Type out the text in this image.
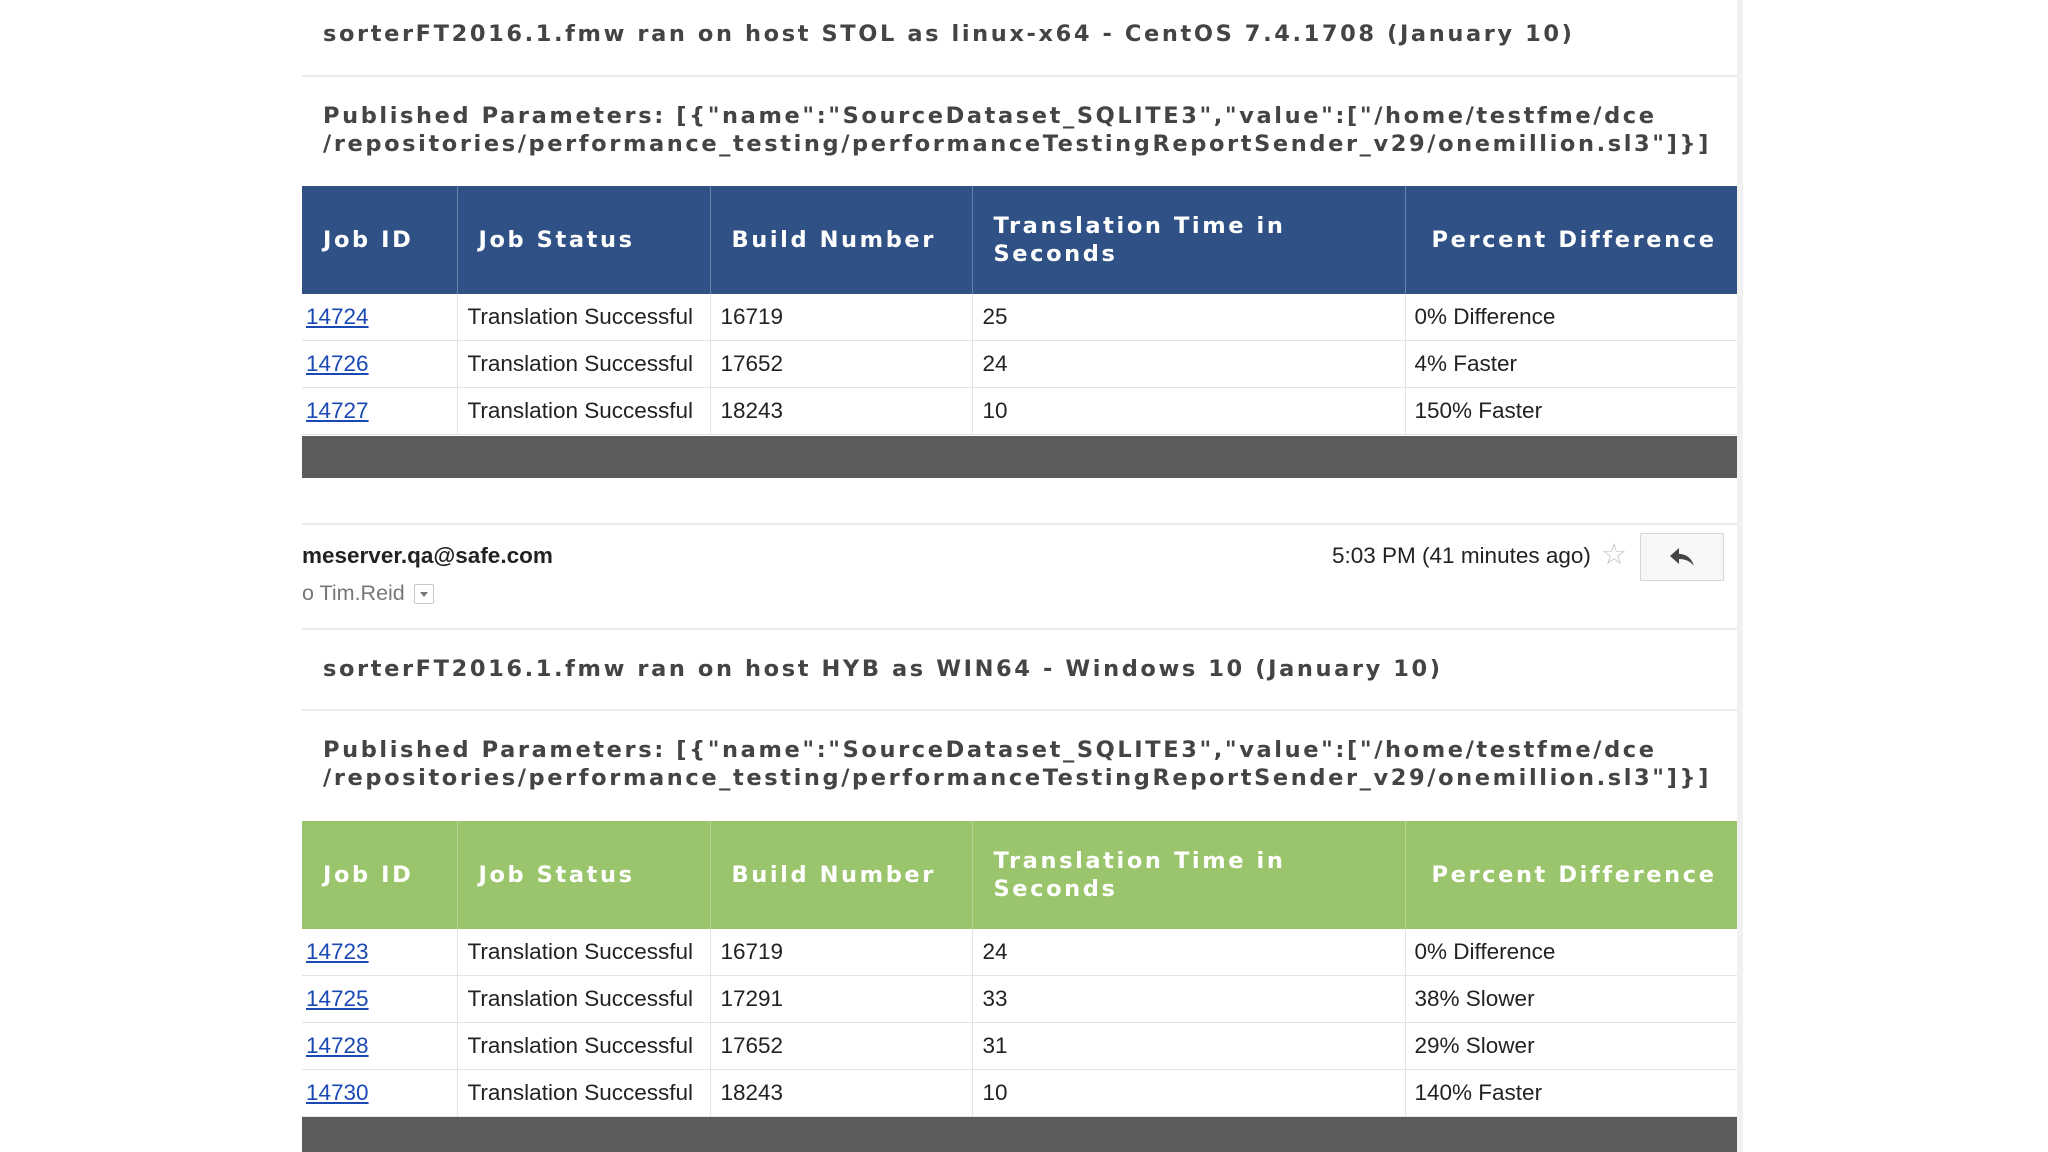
sorterFT2016.1.fmw ran on host STOL as linux-x64 - CentOS 7.4.1708 (January 10)
Published Parameters: [{"name":"SourceDataset_SQLITE3","value":["/home/testfme/dce
/repositories/performance_testing/performanceTestingReportSender_v29/onemillion.sl3"]}]
Job ID	Job Status	Build Number	Translation Time in Seconds	Percent Difference
14724	Translation Successful	16719	25	0% Difference
14726	Translation Successful	17652	24	4% Faster
14727	Translation Successful	18243	10	150% Faster
meserver.qa@safe.com
o Tim.Reid
5:03 PM (41 minutes ago) ☆
sorterFT2016.1.fmw ran on host HYB as WIN64 - Windows 10 (January 10)
Published Parameters: [{"name":"SourceDataset_SQLITE3","value":["/home/testfme/dce
/repositories/performance_testing/performanceTestingReportSender_v29/onemillion.sl3"]}]
Job ID	Job Status	Build Number	Translation Time in Seconds	Percent Difference
14723	Translation Successful	16719	24	0% Difference
14725	Translation Successful	17291	33	38% Slower
14728	Translation Successful	17652	31	29% Slower
14730	Translation Successful	18243	10	140% Faster
